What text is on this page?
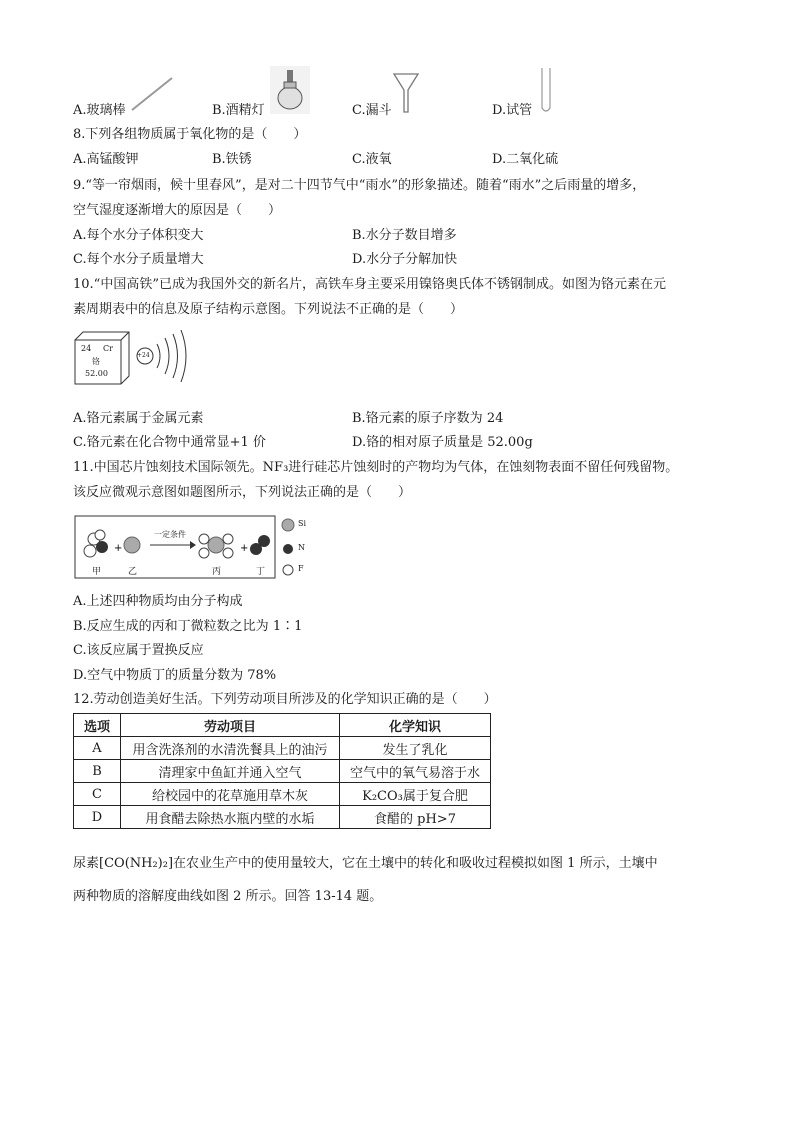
A.玻璃棒	B.酒精灯	C.漏斗	D.试管
8.下列各组物质属于氧化物的是（　　）
A.高锰酸钾	B.铁锈	C.液氧	D.二氧化硫
9.“等一帘烟雨，候十里春风”，是对二十四节气中“雨水”的形象描述。随着“雨水”之后雨量的增多，
空气湿度逐渐增大的原因是（　　）
A.每个水分子体积变大	B.水分子数目增多
C.每个水分子质量增大	D.水分子分解加快
10.“中国高铁”已成为我国外交的新名片，高铁车身主要采用镍铬奥氏体不锈钢制成。如图为铬元素在元
素周期表中的信息及原子结构示意图。下列说法不正确的是（　　）
24 Cr
铬
52.00
+24
A.铬元素属于金属元素	B.铬元素的原子序数为 24
C.铬元素在化合物中通常显+1 价	D.铬的相对原子质量是 52.00g
11.中国芯片蚀刻技术国际领先。NF₃进行硅芯片蚀刻时的产物均为气体，在蚀刻物表面不留任何残留物。
该反应微观示意图如题图所示，下列说法正确的是（　　）
+	+
一定条件
甲	乙	丙	丁
Si
N
F
A.上述四种物质均由分子构成
B.反应生成的丙和丁微粒数之比为 1∶1
C.该反应属于置换反应
D.空气中物质丁的质量分数为 78%
12.劳动创造美好生活。下列劳动项目所涉及的化学知识正确的是（　　）
选项	劳动项目	化学知识
A	用含洗涤剂的水清洗餐具上的油污	发生了乳化
B	清理家中鱼缸并通入空气	空气中的氧气易溶于水
C	给校园中的花草施用草木灰	K₂CO₃属于复合肥
D	用食醋去除热水瓶内壁的水垢	食醋的 pH>7
尿素[CO(NH₂)₂]在农业生产中的使用量较大，它在土壤中的转化和吸收过程模拟如图 1 所示，土壤中
两种物质的溶解度曲线如图 2 所示。回答 13-14 题。
